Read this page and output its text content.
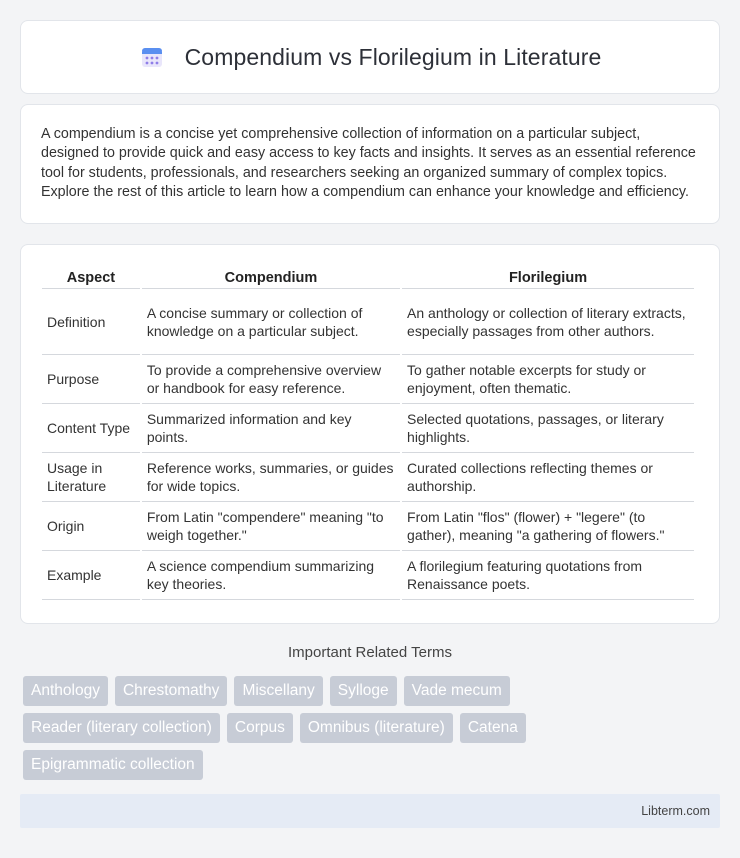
Compendium vs Florilegium in Literature

A compendium is a concise yet comprehensive collection of information on a particular subject, designed to provide quick and easy access to key facts and insights. It serves as an essential reference tool for students, professionals, and researchers seeking an organized summary of complex topics. Explore the rest of this article to learn how a compendium can enhance your knowledge and efficiency.

Aspect	Compendium	Florilegium
Definition	A concise summary or collection of knowledge on a particular subject.	An anthology or collection of literary extracts, especially passages from other authors.
Purpose	To provide a comprehensive overview or handbook for easy reference.	To gather notable excerpts for study or enjoyment, often thematic.
Content Type	Summarized information and key points.	Selected quotations, passages, or literary highlights.
Usage in Literature	Reference works, summaries, or guides for wide topics.	Curated collections reflecting themes or authorship.
Origin	From Latin "compendere" meaning "to weigh together."	From Latin "flos" (flower) + "legere" (to gather), meaning "a gathering of flowers."
Example	A science compendium summarizing key theories.	A florilegium featuring quotations from Renaissance poets.
Important Related Terms
Anthology	Chrestomathy	Miscellany	Sylloge	Vade mecum
Reader (literary collection)	Corpus	Omnibus (literature)	Catena
Epigrammatic collection
Libterm.com
